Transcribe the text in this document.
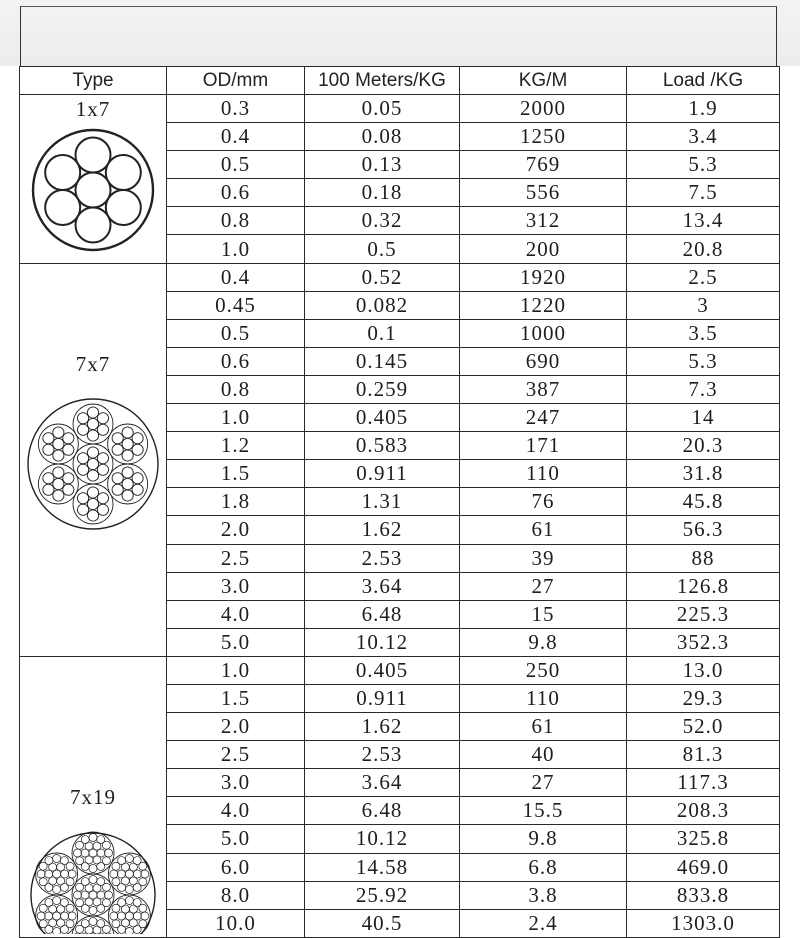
Type	OD/mm	100 Meters/KG	KG/M	Load /KG

1x7	0.3	0.05	2000	1.9
	0.4	0.08	1250	3.4
	0.5	0.13	769	5.3
	0.6	0.18	556	7.5
	0.8	0.32	312	13.4
	1.0	0.5	200	20.8

7x7	0.4	0.52	1920	2.5
	0.45	0.082	1220	3
	0.5	0.1	1000	3.5
	0.6	0.145	690	5.3
	0.8	0.259	387	7.3
	1.0	0.405	247	14
	1.2	0.583	171	20.3
	1.5	0.911	110	31.8
	1.8	1.31	76	45.8
	2.0	1.62	61	56.3
	2.5	2.53	39	88
	3.0	3.64	27	126.8
	4.0	6.48	15	225.3
	5.0	10.12	9.8	352.3

7x19	1.0	0.405	250	13.0
	1.5	0.911	110	29.3
	2.0	1.62	61	52.0
	2.5	2.53	40	81.3
	3.0	3.64	27	117.3
	4.0	6.48	15.5	208.3
	5.0	10.12	9.8	325.8
	6.0	14.58	6.8	469.0
	8.0	25.92	3.8	833.8
	10.0	40.5	2.4	1303.0
